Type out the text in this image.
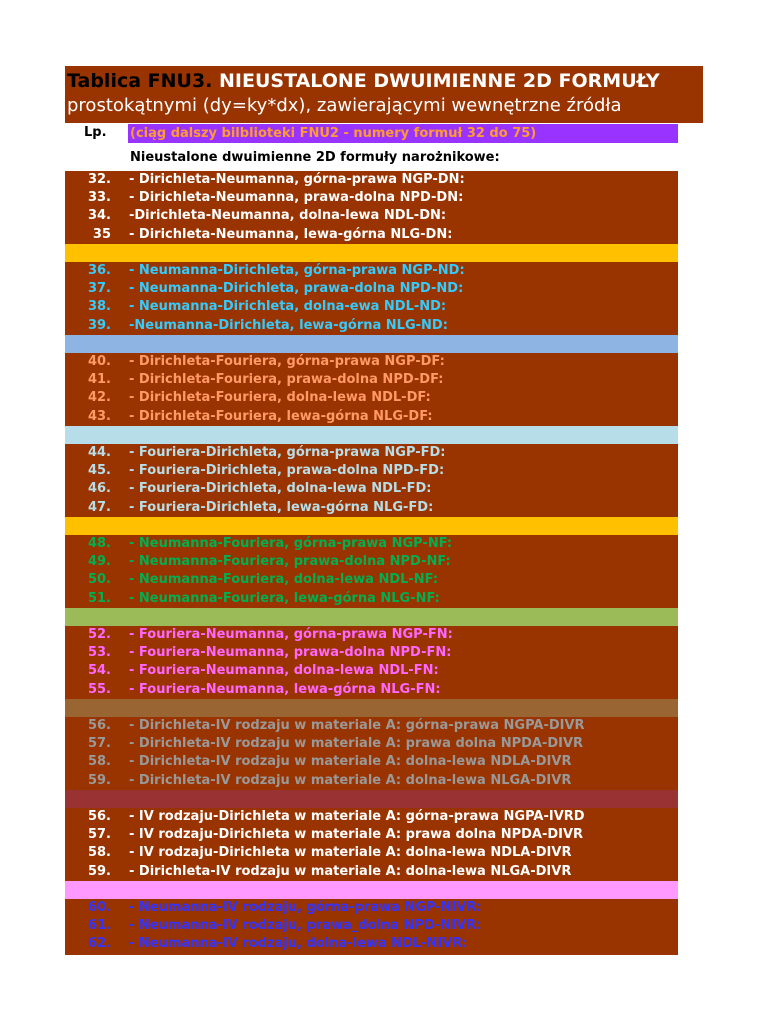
Tablica FNU3. NIEUSTALONE DWUIMIENNE 2D FORMUŁY
prostokątnymi (dy=ky*dx), zawierającymi wewnętrzne źródła
Lp. (ciąg dalszy bilblioteki FNU2 - numery formuł 32 do 75)
Nieustalone dwuimienne 2D formuły narożnikowe:
32. - Dirichleta-Neumanna, górna-prawa NGP-DN:
33. - Dirichleta-Neumanna, prawa-dolna NPD-DN:
34. -Dirichleta-Neumanna, dolna-lewa NDL-DN:
35 - Dirichleta-Neumanna, lewa-górna NLG-DN:
36. - Neumanna-Dirichleta, górna-prawa NGP-ND:
37. - Neumanna-Dirichleta, prawa-dolna NPD-ND:
38. - Neumanna-Dirichleta, dolna-ewa NDL-ND:
39. -Neumanna-Dirichleta, lewa-górna NLG-ND:
40. - Dirichleta-Fouriera, górna-prawa NGP-DF:
41. - Dirichleta-Fouriera, prawa-dolna NPD-DF:
42. - Dirichleta-Fouriera, dolna-lewa NDL-DF:
43. - Dirichleta-Fouriera, lewa-górna NLG-DF:
44. - Fouriera-Dirichleta, górna-prawa NGP-FD:
45. - Fouriera-Dirichleta, prawa-dolna NPD-FD:
46. - Fouriera-Dirichleta, dolna-lewa NDL-FD:
47. - Fouriera-Dirichleta, lewa-górna NLG-FD:
48. - Neumanna-Fouriera, górna-prawa NGP-NF:
49. - Neumanna-Fouriera, prawa-dolna NPD-NF:
50. - Neumanna-Fouriera, dolna-lewa NDL-NF:
51. - Neumanna-Fouriera, lewa-górna NLG-NF:
52. - Fouriera-Neumanna, górna-prawa NGP-FN:
53. - Fouriera-Neumanna, prawa-dolna NPD-FN:
54. - Fouriera-Neumanna, dolna-lewa NDL-FN:
55. - Fouriera-Neumanna, lewa-górna NLG-FN:
56. - Dirichleta-IV rodzaju w materiale A: górna-prawa NGPA-DIVR
57. - Dirichleta-IV rodzaju w materiale A: prawa dolna NPDA-DIVR
58. - Dirichleta-IV rodzaju w materiale A: dolna-lewa NDLA-DIVR
59. - Dirichleta-IV rodzaju w materiale A: dolna-lewa NLGA-DIVR
56. - IV rodzaju-Dirichleta w materiale A: górna-prawa NGPA-IVRD
57. - IV rodzaju-Dirichleta w materiale A: prawa dolna NPDA-DIVR
58. - IV rodzaju-Dirichleta w materiale A: dolna-lewa NDLA-DIVR
59. - Dirichleta-IV rodzaju w materiale A: dolna-lewa NLGA-DIVR
60. - Neumanna-IV rodzaju, górna-prawa NGP-NIVR:
61. - Neumanna-IV rodzaju, prawa_dolna NPD-NIVR:
62. - Neumanna-IV rodzaju, dolna-lewa NDL-NIVR:
